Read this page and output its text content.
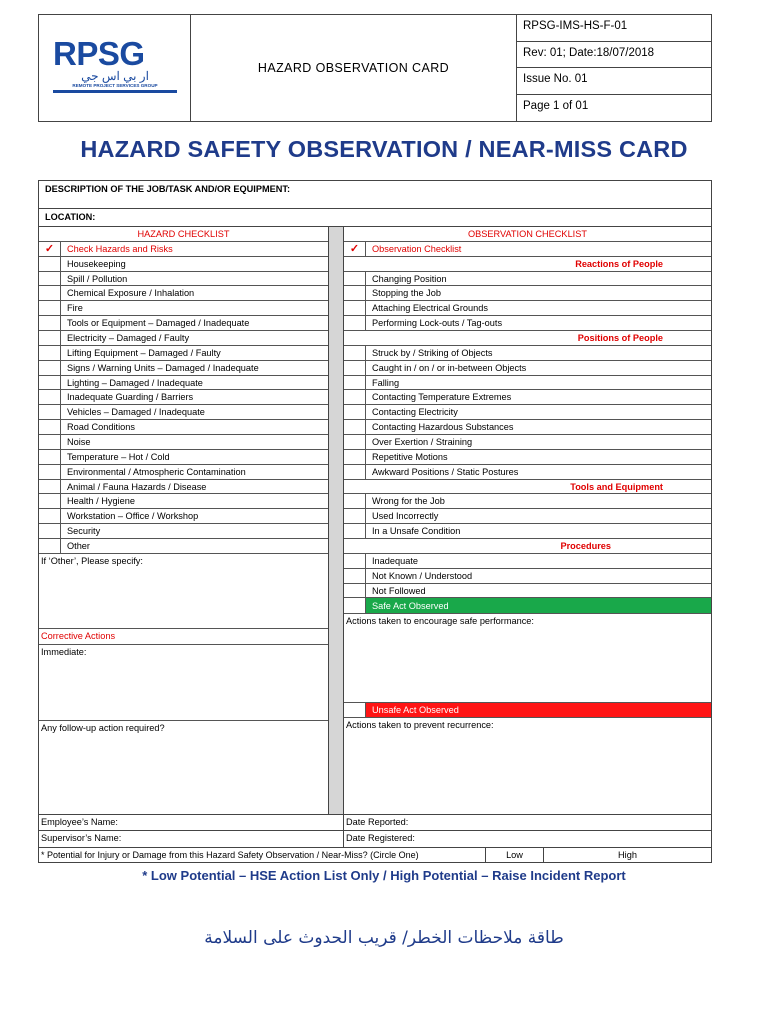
RPSG
ار بي اس جي
REMOTE PROJECT SERVICES GROUP
HAZARD OBSERVATION CARD
RPSG-IMS-HS-F-01
Rev: 01; Date:18/07/2018
Issue No. 01
Page 1 of 01
HAZARD SAFETY OBSERVATION / NEAR-MISS CARD
DESCRIPTION OF THE JOB/TASK AND/OR EQUIPMENT:
LOCATION:
HAZARD CHECKLIST
✓	Check Hazards and Risks
Housekeeping
Spill / Pollution
Chemical Exposure / Inhalation
Fire
Tools or Equipment – Damaged / Inadequate
Electricity – Damaged / Faulty
Lifting Equipment – Damaged / Faulty
Signs / Warning Units – Damaged / Inadequate
Lighting – Damaged / Inadequate
Inadequate Guarding / Barriers
Vehicles – Damaged / Inadequate
Road Conditions
Noise
Temperature – Hot / Cold
Environmental / Atmospheric Contamination
Animal / Fauna Hazards / Disease
Health / Hygiene
Workstation – Office / Workshop
Security
Other
If ‘Other’, Please specify:
Corrective Actions
Immediate:
Any follow-up action required?
OBSERVATION CHECKLIST
✓	Observation Checklist
Reactions of People
Changing Position
Stopping the Job
Attaching Electrical Grounds
Performing Lock-outs / Tag-outs
Positions of People
Struck by / Striking of Objects
Caught in / on / or in-between Objects
Falling
Contacting Temperature Extremes
Contacting Electricity
Contacting Hazardous Substances
Over Exertion / Straining
Repetitive Motions
Awkward Positions / Static Postures
Tools and Equipment
Wrong for the Job
Used Incorrectly
In a Unsafe Condition
Procedures
Inadequate
Not Known / Understood
Not Followed
Safe Act Observed
Actions taken to encourage safe performance:
Unsafe Act Observed
Actions taken to prevent recurrence:
Employee’s Name:	Date Reported:
Supervisor’s Name:	Date Registered:
* Potential for Injury or Damage from this Hazard Safety Observation / Near-Miss? (Circle One)	Low	High
* Low Potential – HSE Action List Only / High Potential – Raise Incident Report
طاقة ملاحظات الخطر/ قريب الحدوث على السلامة
